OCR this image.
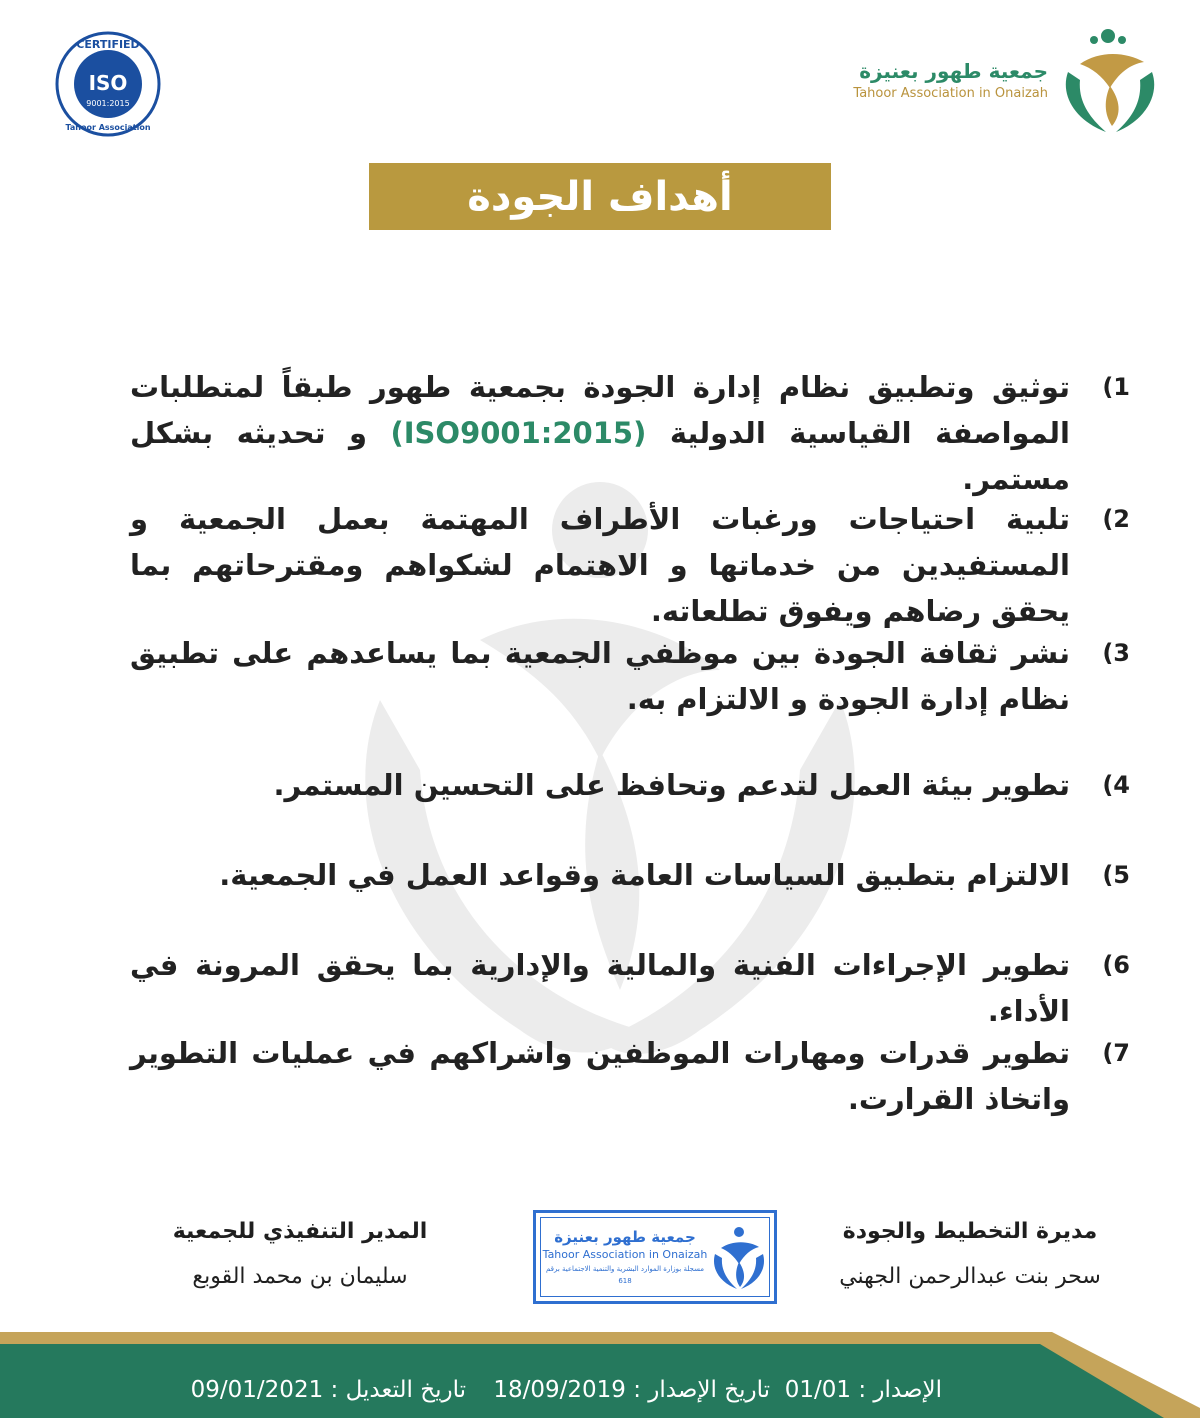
CERTIFIED
ISO
9001:2015
Tahoor Association
جمعية طهور بعنيزة
Tahoor Association in Onaizah
أهداف الجودة
1)
توثيق وتطبيق نظام إدارة الجودة بجمعية طهور طبقاً لمتطلبات المواصفة القياسية الدولية (ISO9001:2015) و تحديثه بشكل مستمر.
2)
تلبية احتياجات ورغبات الأطراف المهتمة بعمل الجمعية و المستفيدين من خدماتها و الاهتمام لشكواهم ومقترحاتهم بما يحقق رضاهم ويفوق تطلعاته.
3)
نشر ثقافة الجودة بين موظفي الجمعية بما يساعدهم على تطبيق نظام إدارة الجودة و الالتزام به.
4)
تطوير بيئة العمل لتدعم وتحافظ على التحسين المستمر.
5)
الالتزام بتطبيق السياسات العامة وقواعد العمل في الجمعية.
6)
تطوير الإجراءات الفنية والمالية والإدارية بما يحقق المرونة في الأداء.
7)
تطوير قدرات ومهارات الموظفين واشراكهم في عمليات التطوير واتخاذ القرارت.
مديرة التخطيط والجودة
سحر بنت عبدالرحمن الجهني
المدير التنفيذي للجمعية
سليمان بن محمد القوبع
جمعية طهور بعنيزة
Tahoor Association in Onaizah
مسجلة بوزارة الموارد البشرية والتنمية الاجتماعية برقم 618
الإصدار : 01/01
تاريخ الإصدار : 18/09/2019
تاريخ التعديل : 09/01/2021
